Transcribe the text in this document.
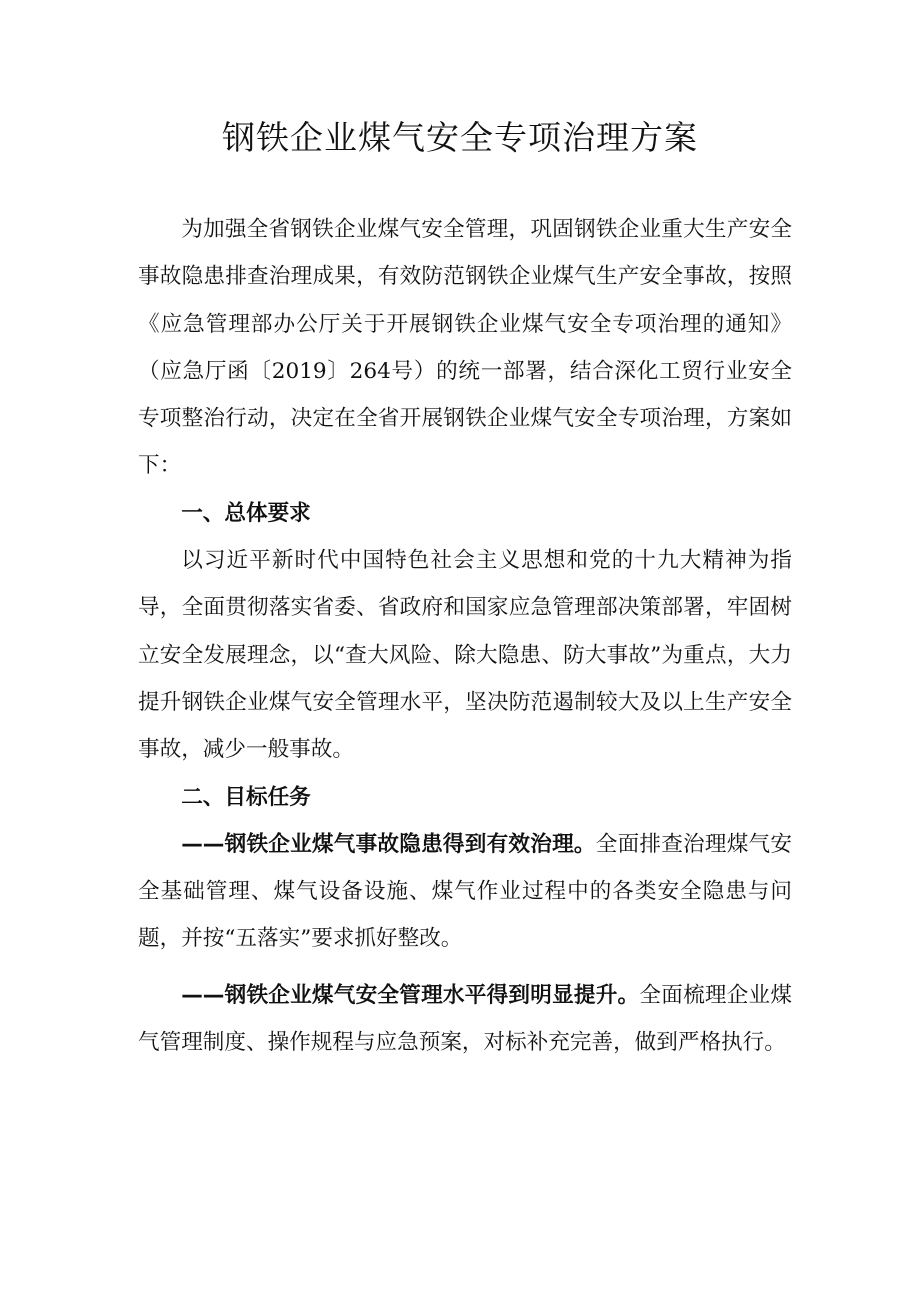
钢铁企业煤气安全专项治理方案

为加强全省钢铁企业煤气安全管理，巩固钢铁企业重大生产安全事故隐患排查治理成果，有效防范钢铁企业煤气生产安全事故，按照《应急管理部办公厅关于开展钢铁企业煤气安全专项治理的通知》（应急厅函〔2019〕264号）的统一部署，结合深化工贸行业安全专项整治行动，决定在全省开展钢铁企业煤气安全专项治理，方案如下：

一、总体要求

以习近平新时代中国特色社会主义思想和党的十九大精神为指导，全面贯彻落实省委、省政府和国家应急管理部决策部署，牢固树立安全发展理念，以“查大风险、除大隐患、防大事故”为重点，大力提升钢铁企业煤气安全管理水平，坚决防范遏制较大及以上生产安全事故，减少一般事故。

二、目标任务

——钢铁企业煤气事故隐患得到有效治理。全面排查治理煤气安全基础管理、煤气设备设施、煤气作业过程中的各类安全隐患与问题，并按“五落实”要求抓好整改。

——钢铁企业煤气安全管理水平得到明显提升。全面梳理企业煤气管理制度、操作规程与应急预案，对标补充完善，做到严格执行。
